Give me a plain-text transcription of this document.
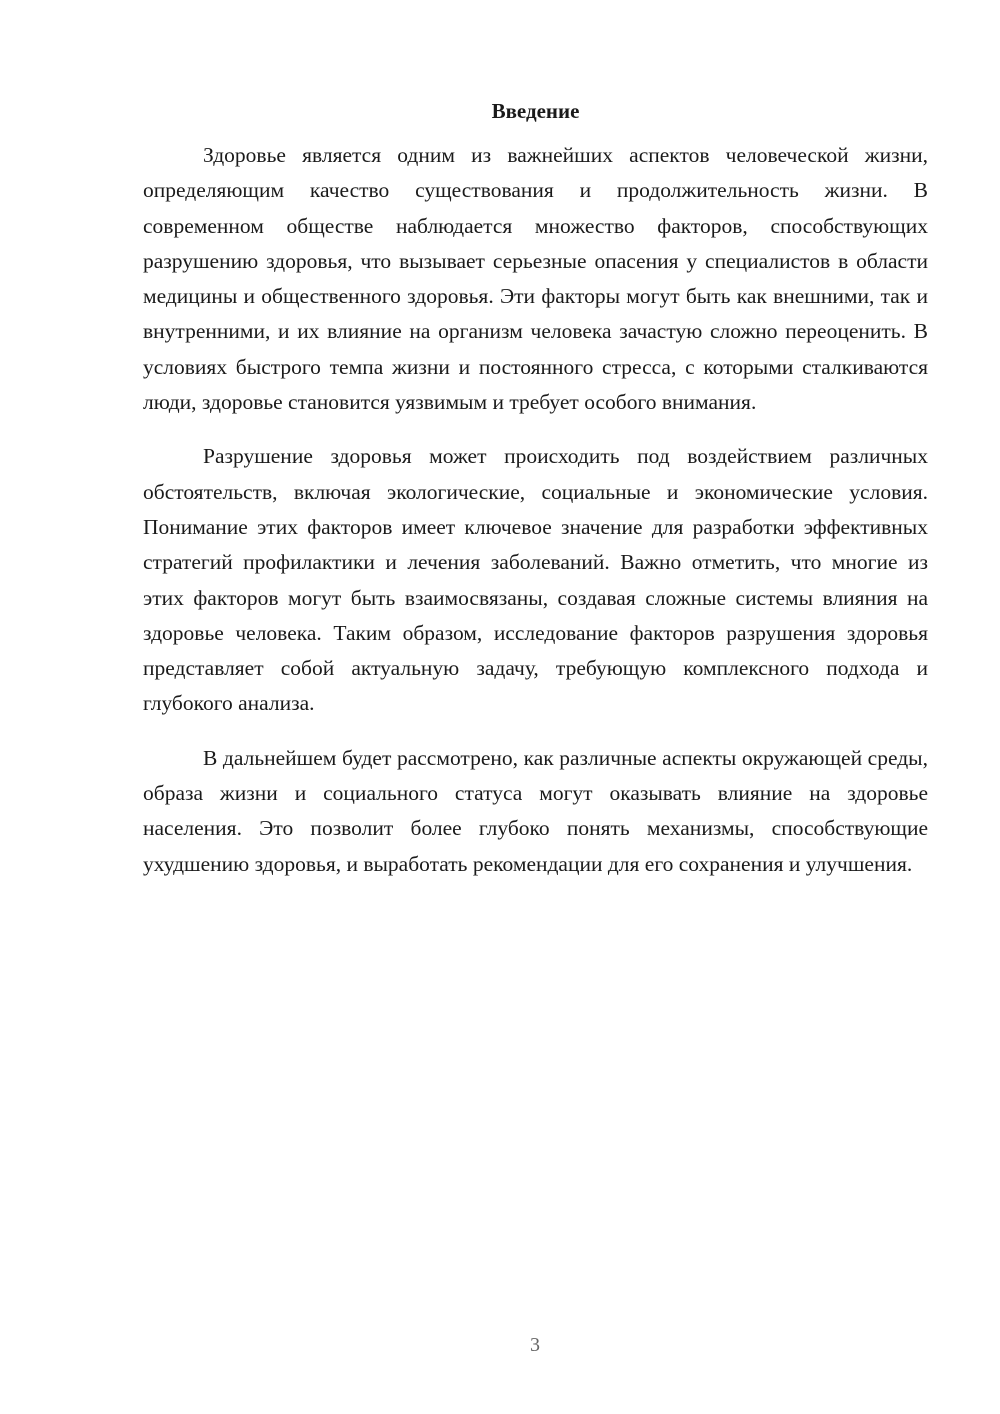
Введение

Здоровье является одним из важнейших аспектов человеческой жизни, определяющим качество существования и продолжительность жизни. В современном обществе наблюдается множество факторов, способствующих разрушению здоровья, что вызывает серьезные опасения у специалистов в области медицины и общественного здоровья. Эти факторы могут быть как внешними, так и внутренними, и их влияние на организм человека зачастую сложно переоценить. В условиях быстрого темпа жизни и постоянного стресса, с которыми сталкиваются люди, здоровье становится уязвимым и требует особого внимания.

Разрушение здоровья может происходить под воздействием различных обстоятельств, включая экологические, социальные и экономические условия. Понимание этих факторов имеет ключевое значение для разработки эффективных стратегий профилактики и лечения заболеваний. Важно отметить, что многие из этих факторов могут быть взаимосвязаны, создавая сложные системы влияния на здоровье человека. Таким образом, исследование факторов разрушения здоровья представляет собой актуальную задачу, требующую комплексного подхода и глубокого анализа.

В дальнейшем будет рассмотрено, как различные аспекты окружающей среды, образа жизни и социального статуса могут оказывать влияние на здоровье населения. Это позволит более глубоко понять механизмы, способствующие ухудшению здоровья, и выработать рекомендации для его сохранения и улучшения.

3
